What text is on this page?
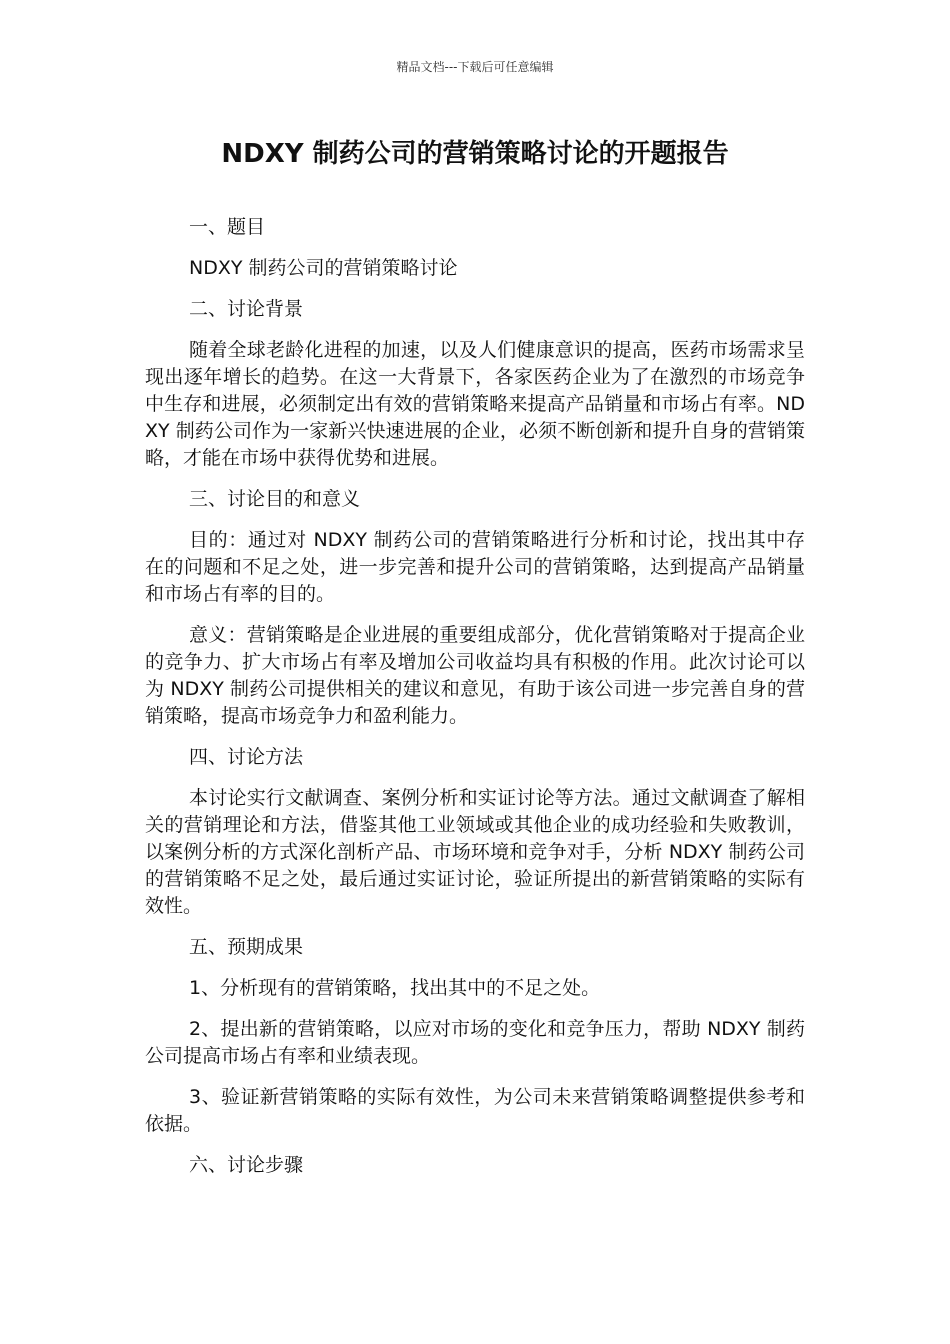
精品文档---下载后可任意编辑
NDXY 制药公司的营销策略讨论的开题报告

一、题目

NDXY 制药公司的营销策略讨论

二、讨论背景

随着全球老龄化进程的加速，以及人们健康意识的提高，医药市场需求呈现出逐年增长的趋势。在这一大背景下，各家医药企业为了在激烈的市场竞争中生存和进展，必须制定出有效的营销策略来提高产品销量和市场占有率。NDXY 制药公司作为一家新兴快速进展的企业，必须不断创新和提升自身的营销策略，才能在市场中获得优势和进展。

三、讨论目的和意义

目的：通过对 NDXY 制药公司的营销策略进行分析和讨论，找出其中存在的问题和不足之处，进一步完善和提升公司的营销策略，达到提高产品销量和市场占有率的目的。

意义：营销策略是企业进展的重要组成部分，优化营销策略对于提高企业的竞争力、扩大市场占有率及增加公司收益均具有积极的作用。此次讨论可以为 NDXY 制药公司提供相关的建议和意见，有助于该公司进一步完善自身的营销策略，提高市场竞争力和盈利能力。

四、讨论方法

本讨论实行文献调查、案例分析和实证讨论等方法。通过文献调查了解相关的营销理论和方法，借鉴其他工业领域或其他企业的成功经验和失败教训，以案例分析的方式深化剖析产品、市场环境和竞争对手，分析 NDXY 制药公司的营销策略不足之处，最后通过实证讨论，验证所提出的新营销策略的实际有效性。

五、预期成果

1、分析现有的营销策略，找出其中的不足之处。

2、提出新的营销策略，以应对市场的变化和竞争压力，帮助 NDXY 制药公司提高市场占有率和业绩表现。

3、验证新营销策略的实际有效性，为公司未来营销策略调整提供参考和依据。

六、讨论步骤
